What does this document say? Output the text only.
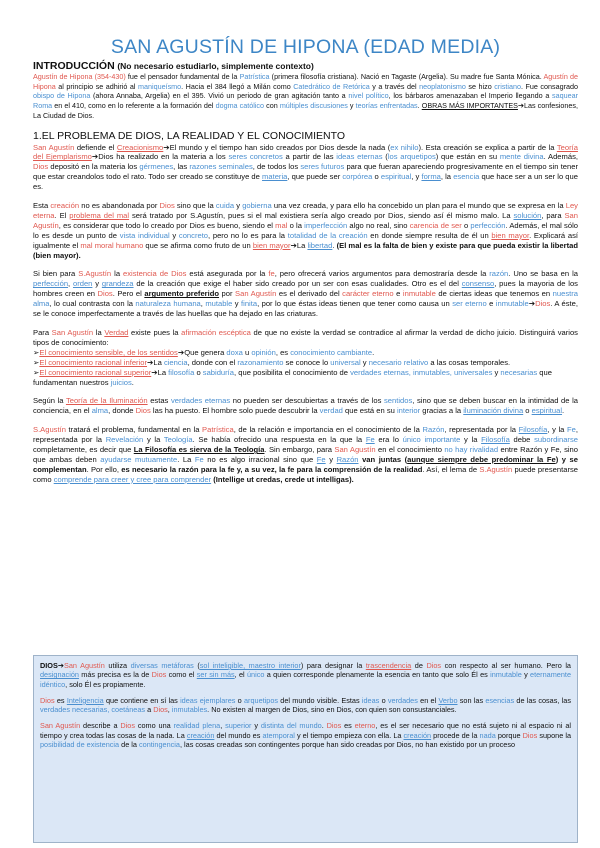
SAN AGUSTÍN DE HIPONA (EDAD MEDIA)
INTRODUCCIÓN (No necesario estudiarlo, simplemente contexto)

Agustín de Hipona (354-430) fue el pensador fundamental de la Patrística (primera filosofía cristiana). Nació en Tagaste (Argelia). Su madre fue Santa Mónica. Agustín de Hipona al principio se adhirió al maniqueísmo. Hacia el 384 llegó a Milán como Catedrático de Retórica y a través del neoplatonismo se hizo cristiano. Fue consagrado obispo de Hipona (ahora Annaba, Argelia) en el 395. Vivió un periodo de gran agitación tanto a nivel político, los bárbaros amenazaban el Imperio llegando a saquear Roma en el 410, como en lo referente a la formación del dogma católico con múltiples discusiones y teorías enfrentadas. OBRAS MÁS IMPORTANTES➔Las confesiones, La Ciudad de Dios.

1.EL PROBLEMA DE DIOS, LA REALIDAD Y EL CONOCIMIENTO

San Agustín defiende el Creacionismo➔El mundo y el tiempo han sido creados por Dios desde la nada (ex nihilo). Esta creación se explica a partir de la Teoría del Ejemplarismo➔Dios ha realizado en la materia a los seres concretos a partir de las ideas eternas (los arquetipos) que están en su mente divina. Además, Dios depositó en la materia los gérmenes, las razones seminales, de todos los seres futuros para que fueran apareciendo progresivamente en el tiempo sin tener que estar creandolos todo el rato. Todo ser creado se constituye de materia, que puede ser corpórea o espiritual, y forma, la esencia que hace ser a un ser lo que es.

Esta creación no es abandonada por Dios sino que la cuida y gobierna una vez creada, y para ello ha concebido un plan para el mundo que se expresa en la Ley eterna. El problema del mal será tratado por S.Agustín, pues si el mal existiera sería algo creado por Dios, siendo así él mismo malo. La solución, para San Agustín, es considerar que todo lo creado por Dios es bueno, siendo el mal o la imperfección algo no real, sino carencia de ser o perfección. Además, el mal sólo lo es desde un punto de vista individual y concreto, pero no lo es para la totalidad de la creación en donde siempre resulta de él un bien mayor. Explicará así igualmente el mal moral humano que se afirma como fruto de un bien mayor➔La libertad. (El mal es la falta de bien y existe para que pueda existir la libertad (bien mayor).

Si bien para S.Agustín la existencia de Dios está asegurada por la fe, pero ofrecerá varios argumentos para demostraría desde la razón. Uno se basa en la perfección, orden y grandeza de la creación que exige el haber sido creado por un ser con esas cualidades. Otro es el del consenso, pues la mayoria de los hombres creen en Dios. Pero el argumento preferido por San Agustín es el derivado del carácter eterno e inmutable de ciertas ideas que tenemos en nuestra alma, lo cual contrasta con la naturaleza humana, mutable y finita, por lo que éstas ideas tienen que tener como causa un ser eterno e inmutable➔Dios. A éste, se le conoce imperfectamente a través de las huellas que ha dejado en las criaturas.

Para San Agustín la Verdad existe pues la afirmación escéptica de que no existe la verdad se contradice al afirmar la verdad de dicho juicio. Distinguirá varios tipos de conocimiento:

➢El conocimiento sensible, de los sentidos➔Que genera doxa u opinión, es conocimiento cambiante.

➢El conocimiento racional inferior➔La ciencia, donde con el razonamiento se conoce lo universal y necesario relativo a las cosas temporales.

➢El conocimiento racional superior➔La filosofía o sabiduría, que posibilita el conocimiento de verdades eternas, inmutables, universales y necesarias que fundamentan nuestros juicios.

Según la Teoría de la Iluminación estas verdades eternas no pueden ser descubiertas a través de los sentidos, sino que se deben buscar en la intimidad de la conciencia, en el alma, donde Dios las ha puesto. El hombre solo puede descubrir la verdad que está en su interior gracias a la iluminación divina o espiritual.

S.Agustín tratará el problema, fundamental en la Patrística, de la relación e importancia en el conocimiento de la Razón, representada por la Filosofía, y la Fe, representada por la Revelación y la Teología. Se había ofrecido una respuesta en la que la Fe era lo único importante y la Filosofía debe subordinarse completamente, es decir que La Filosofía es sierva de la Teología. Sin embargo, para San Agustín en el conocimiento no hay rivalidad entre Razón y Fe, sino que ambas deben ayudarse mutuamente. La Fe no es algo irracional sino que Fe y Razón van juntas (aunque siempre debe predominar la Fe) y se complementan. Por ello, es necesario la razón para la fe y, a su vez, la fe para la comprensión de la realidad. Así, el lema de S.Agustín puede presentarse como comprende para creer y cree para comprender (Intellige ut credas, crede ut intelligas).

DIOS➔San Agustín utiliza diversas metáforas (sol inteligible, maestro interior) para designar la trascendencia de Dios con respecto al ser humano. Pero la designación más precisa es la de Dios como el ser sin más, el único a quien corresponde plenamente la esencia en tanto que solo Él es inmutable y eternamente idéntico, solo Él es propiamente.

Dios es Inteligencia que contiene en sí las ideas ejemplares o arquetipos del mundo visible. Estas ideas o verdades en el Verbo son las esencias de las cosas, las verdades necesarias, coetáneas a Dios, inmutables. No existen al margen de Dios, sino en Dios, con quien son consustanciales.

San Agustín describe a Dios como una realidad plena, superior y distinta del mundo. Dios es eterno, es el ser necesario que no está sujeto ni al espacio ni al tiempo y crea todas las cosas de la nada. La creación del mundo es atemporal y el tiempo empieza con ella. La creación procede de la nada porque Dios supone la posibilidad de existencia de la contingencia, las cosas creadas son contingentes porque han sido creadas por Dios, no han existido por un proceso
